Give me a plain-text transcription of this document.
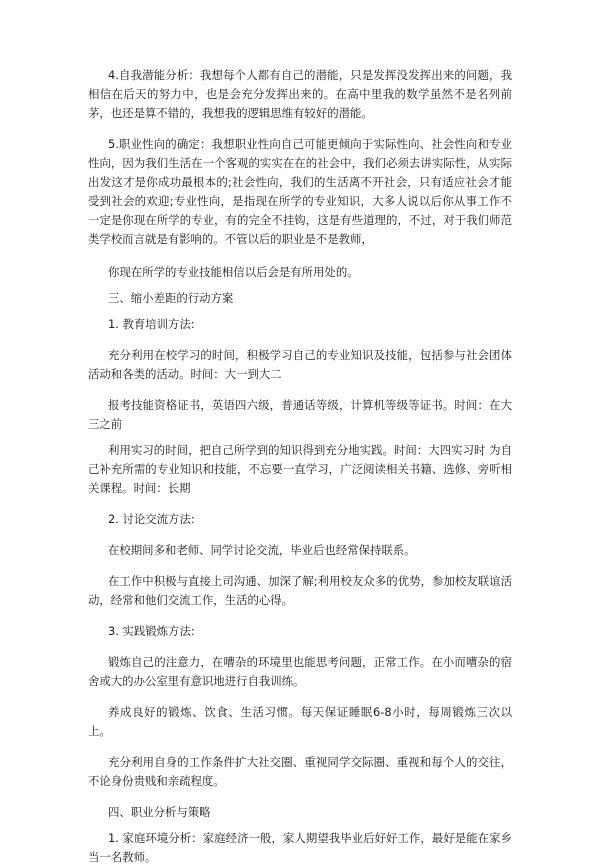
4.自我潜能分析：我想每个人都有自己的潜能，只是发挥没发挥出来的问题，我相信在后天的努力中，也是会充分发挥出来的。在高中里我的数学虽然不是名列前茅，也还是算不错的，我想我的逻辑思维有较好的潜能。

5.职业性向的确定：我想职业性向自己可能更倾向于实际性向、社会性向和专业性向，因为我们生活在一个客观的实实在在的社会中，我们必须去讲实际性，从实际出发这才是你成功最根本的;社会性向，我们的生活离不开社会，只有适应社会才能受到社会的欢迎;专业性向，是指现在所学的专业知识，大多人说以后你从事工作不一定是你现在所学的专业，有的完全不挂钩，这是有些道理的，不过，对于我们师范类学校而言就是有影响的。不管以后的职业是不是教师，

你现在所学的专业技能相信以后会是有所用处的。

三、缩小差距的行动方案

1. 教育培训方法:

充分利用在校学习的时间，积极学习自己的专业知识及技能，包括参与社会团体活动和各类的活动。时间：大一到大二

报考技能资格证书，英语四六级，普通话等级，计算机等级等证书。时间：在大三之前

利用实习的时间，把自己所学到的知识得到充分地实践。时间：大四实习时 为自己补充所需的专业知识和技能，不忘要一直学习，广泛阅读相关书籍、选修、旁听相关课程。时间：长期

2. 讨论交流方法:

在校期间多和老师、同学讨论交流，毕业后也经常保持联系。

在工作中积极与直接上司沟通、加深了解;利用校友众多的优势，参加校友联谊活动，经常和他们交流工作，生活的心得。

3. 实践锻炼方法:

锻炼自己的注意力，在嘈杂的环境里也能思考问题，正常工作。在小而嘈杂的宿舍或大的办公室里有意识地进行自我训练。

养成良好的锻炼、饮食、生活习惯。每天保证睡眠6-8小时，每周锻炼三次以上。

充分利用自身的工作条件扩大社交圈、重视同学交际圈、重视和每个人的交往，不论身份贵贱和亲疏程度。

四、职业分析与策略

1. 家庭环境分析：家庭经济一般，家人期望我毕业后好好工作，最好是能在家乡当一名教师。
